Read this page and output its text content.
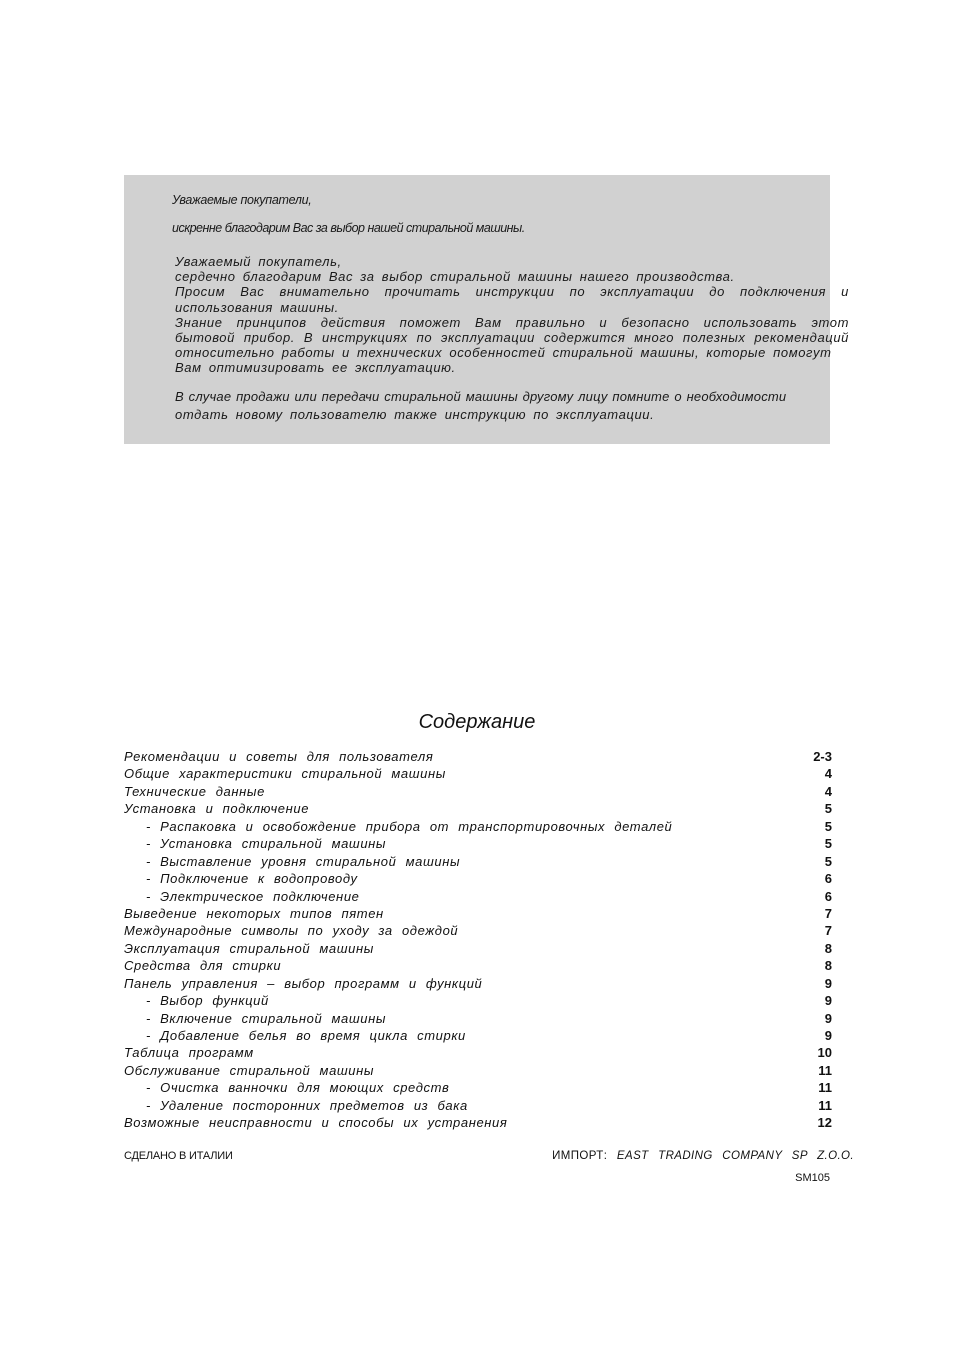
Уважаемые покупатели,
искренне благодарим Вас за выбор нашей стиральной машины.
Уважаемый покупатель,
сердечно благодарим Вас за выбор стиральной машины нашего производства.
Просим Вас внимательно прочитать инструкции по эксплуатации до подключения и
использования машины.
Знание принципов действия поможет Вам правильно и безопасно использовать этот
бытовой прибор. В инструкциях по эксплуатации содержится много полезных рекомендаций
относительно работы и технических особенностей стиральной машины, которые помогут
Вам оптимизировать ее эксплуатацию.
В случае продажи или передачи стиральной машины другому лицу помните о необходимости
отдать новому пользователю также инструкцию по эксплуатации.
Содержание
Рекомендации и советы для пользователя	2-3
Общие характеристики стиральной машины	4
Технические данные	4
Установка и подключение	5
- Распаковка и освобождение прибора от транспортировочных деталей	5
- Установка стиральной машины	5
- Выставление уровня стиральной машины	5
- Подключение к водопроводу	6
- Электрическое подключение	6
Выведение некоторых типов пятен	7
Международные символы по уходу за одеждой	7
Эксплуатация стиральной машины	8
Средства для стирки	8
Панель управления – выбор программ и функций	9
- Выбор функций	9
- Включение стиральной машины	9
- Добавление белья во время цикла стирки	9
Таблица программ	10
Обслуживание стиральной машины	11
- Очистка ванночки для моющих средств	11
- Удаление посторонних предметов из бака	11
Возможные неисправности и способы их устранения	12
СДЕЛАНО В ИТАЛИИ	ИМПОРТ: EAST TRADING COMPANY SP Z.O.O.
SM105
